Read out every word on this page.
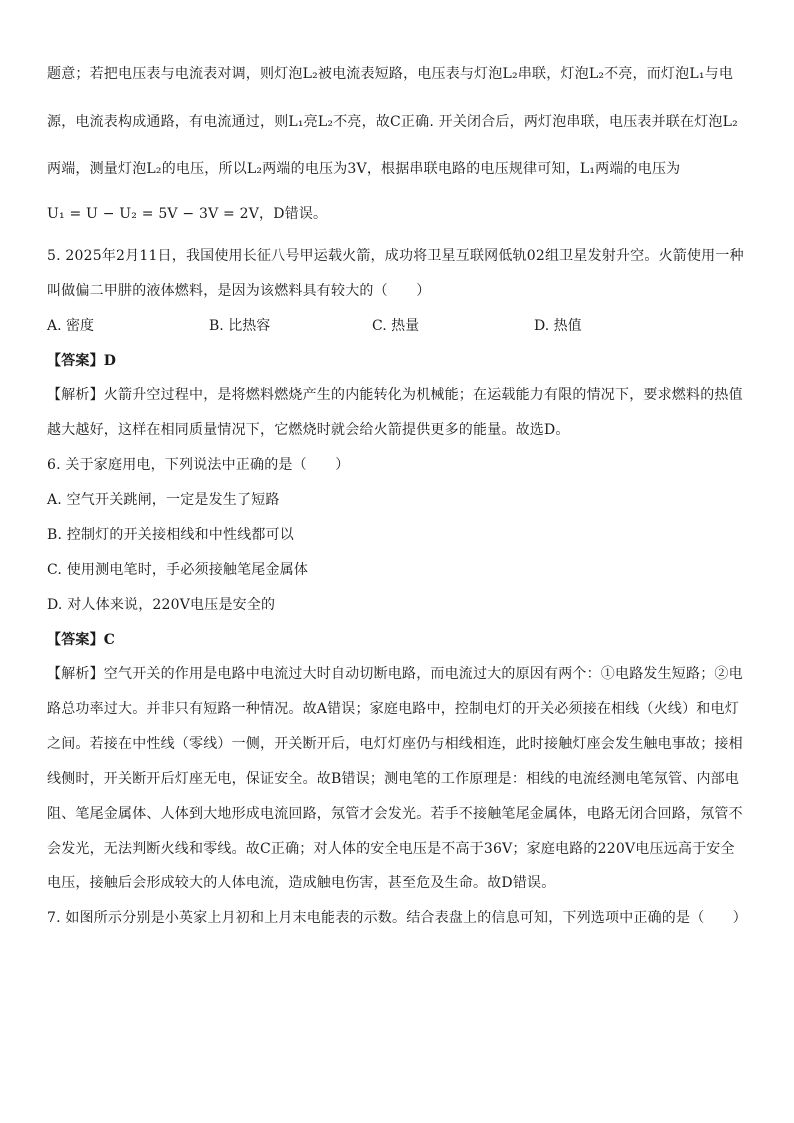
题意；若把电压表与电流表对调，则灯泡L₂被电流表短路，电压表与灯泡L₂串联，灯泡L₂不亮，而灯泡L₁与电
源，电流表构成通路，有电流通过，则L₁亮L₂不亮，故C正确. 开关闭合后，两灯泡串联，电压表并联在灯泡L₂
两端，测量灯泡L₂的电压，所以L₂两端的电压为3V，根据串联电路的电压规律可知，L₁两端的电压为
U₁ = U − U₂ = 5V − 3V = 2V，D错误。
5. 2025年2月11日，我国使用长征八号甲运载火箭，成功将卫星互联网低轨02组卫星发射升空。火箭使用一种
叫做偏二甲肼的液体燃料，是因为该燃料具有较大的（　　）
A. 密度	B. 比热容	C. 热量	D. 热值
【答案】D
【解析】火箭升空过程中，是将燃料燃烧产生的内能转化为机械能；在运载能力有限的情况下，要求燃料的热值
越大越好，这样在相同质量情况下，它燃烧时就会给火箭提供更多的能量。故选D。
6. 关于家庭用电，下列说法中正确的是（　　）
A. 空气开关跳闸，一定是发生了短路
B. 控制灯的开关接相线和中性线都可以
C. 使用测电笔时，手必须接触笔尾金属体
D. 对人体来说，220V电压是安全的
【答案】C
【解析】空气开关的作用是电路中电流过大时自动切断电路，而电流过大的原因有两个：①电路发生短路；②电
路总功率过大。并非只有短路一种情况。故A错误；家庭电路中，控制电灯的开关必须接在相线（火线）和电灯
之间。若接在中性线（零线）一侧，开关断开后，电灯灯座仍与相线相连，此时接触灯座会发生触电事故；接相
线侧时，开关断开后灯座无电，保证安全。故B错误；测电笔的工作原理是：相线的电流经测电笔氖管、内部电
阻、笔尾金属体、人体到大地形成电流回路，氖管才会发光。若手不接触笔尾金属体，电路无闭合回路，氖管不
会发光，无法判断火线和零线。故C正确；对人体的安全电压是不高于36V；家庭电路的220V电压远高于安全
电压，接触后会形成较大的人体电流，造成触电伤害，甚至危及生命。故D错误。
7. 如图所示分别是小英家上月初和上月末电能表的示数。结合表盘上的信息可知，下列选项中正确的是（　　）
